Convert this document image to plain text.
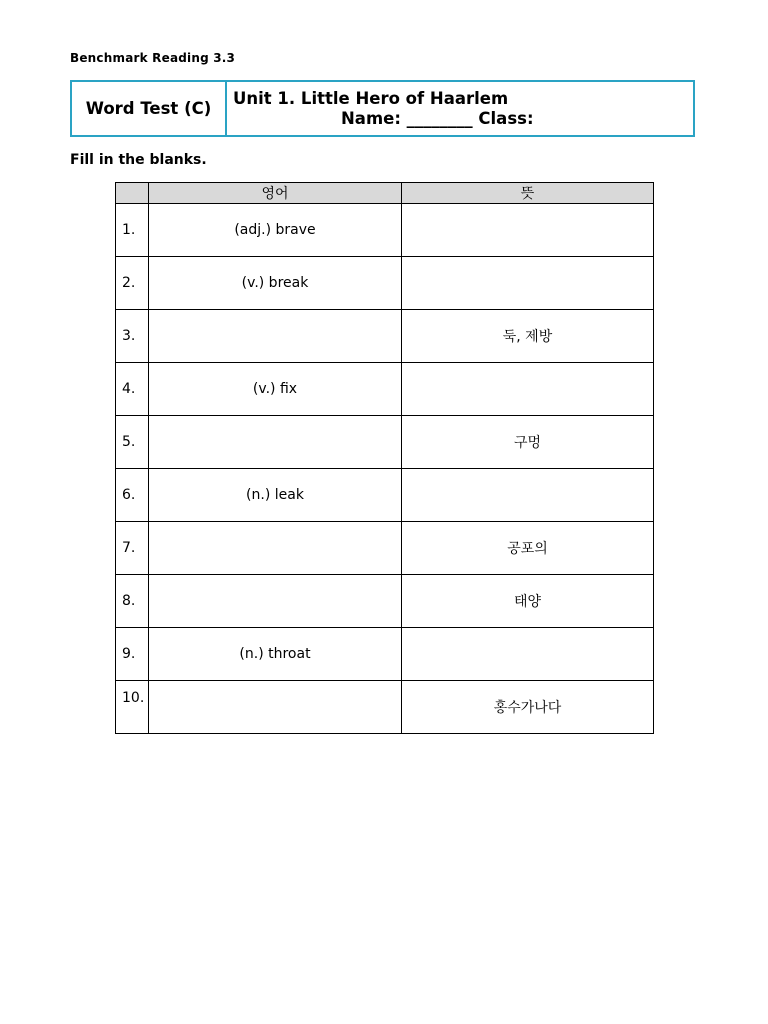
Benchmark Reading 3.3
Word Test (C)
Unit 1. Little Hero of Haarlem
Name: ________ Class:
Fill in the blanks.
	영어	뜻
1.	(adj.) brave	
2.	(v.) break	
3.		둑, 제방
4.	(v.) fix	
5.		구멍
6.	(n.) leak	
7.		공포의
8.		태양
9.	(n.) throat	
10.		홍수가나다
